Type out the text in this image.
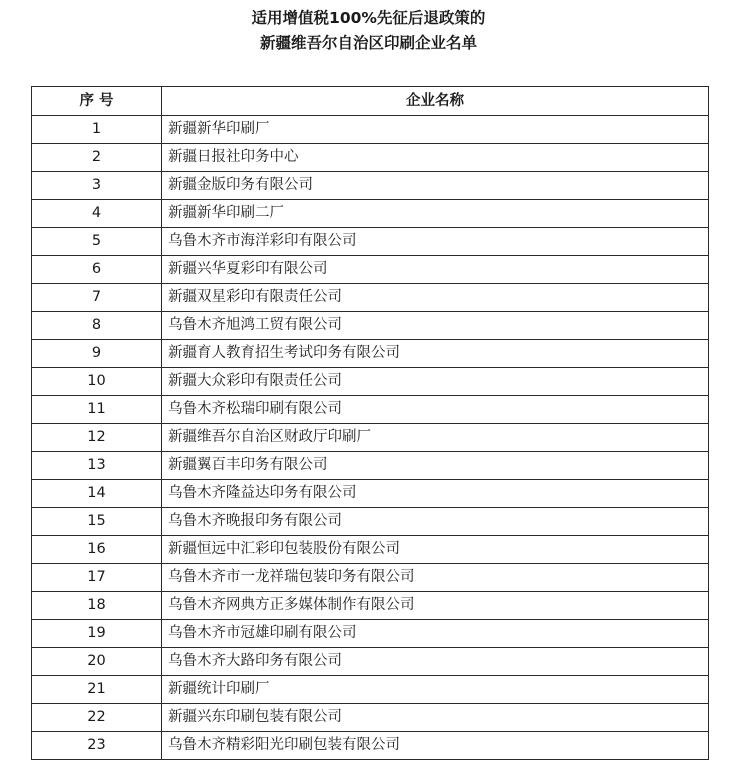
适用增值税100%先征后退政策的
新疆维吾尔自治区印刷企业名单
序 号	企业名称
1	新疆新华印刷厂
2	新疆日报社印务中心
3	新疆金版印务有限公司
4	新疆新华印刷二厂
5	乌鲁木齐市海洋彩印有限公司
6	新疆兴华夏彩印有限公司
7	新疆双星彩印有限责任公司
8	乌鲁木齐旭鸿工贸有限公司
9	新疆育人教育招生考试印务有限公司
10	新疆大众彩印有限责任公司
11	乌鲁木齐松瑞印刷有限公司
12	新疆维吾尔自治区财政厅印刷厂
13	新疆翼百丰印务有限公司
14	乌鲁木齐隆益达印务有限公司
15	乌鲁木齐晚报印务有限公司
16	新疆恒远中汇彩印包装股份有限公司
17	乌鲁木齐市一龙祥瑞包装印务有限公司
18	乌鲁木齐网典方正多媒体制作有限公司
19	乌鲁木齐市冠雄印刷有限公司
20	乌鲁木齐大路印务有限公司
21	新疆统计印刷厂
22	新疆兴东印刷包装有限公司
23	乌鲁木齐精彩阳光印刷包装有限公司
